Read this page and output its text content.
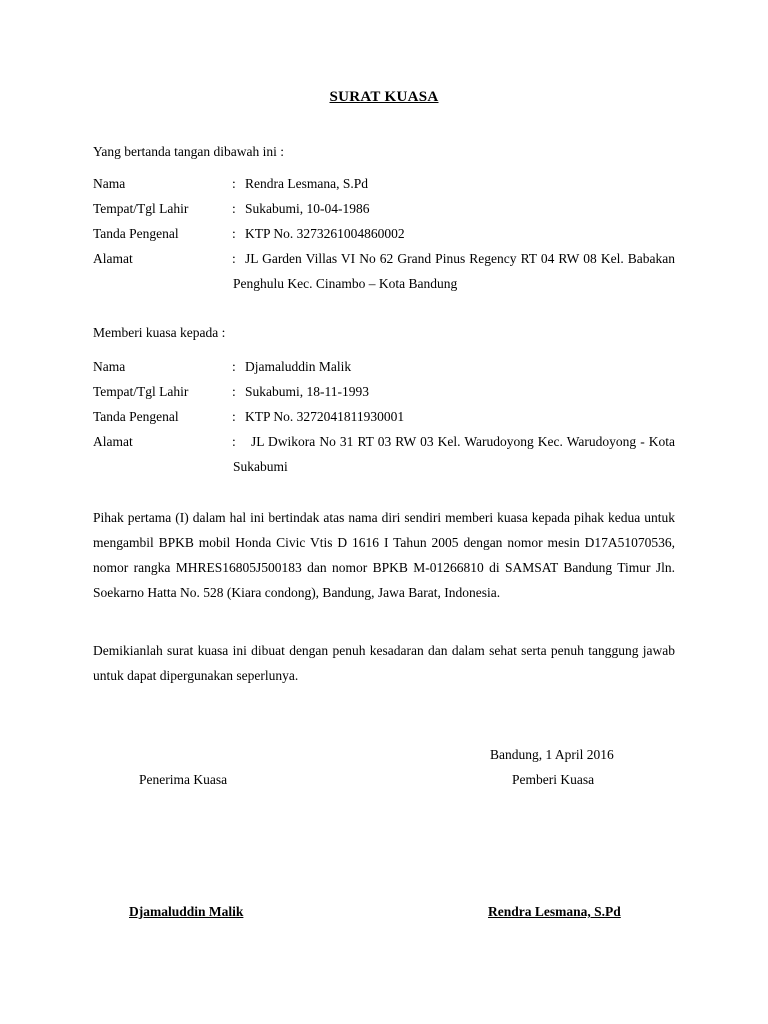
SURAT KUASA
Yang bertanda tangan dibawah ini :
Nama	: Rendra Lesmana, S.Pd
Tempat/Tgl Lahir	: Sukabumi, 10-04-1986
Tanda Pengenal	: KTP No. 3273261004860002
Alamat	: JL Garden Villas VI No 62 Grand Pinus Regency RT 04 RW 08 Kel. Babakan Penghulu Kec. Cinambo – Kota Bandung
Memberi kuasa kepada :
Nama	: Djamaluddin Malik
Tempat/Tgl Lahir	: Sukabumi, 18-11-1993
Tanda Pengenal	: KTP No. 3272041811930001
Alamat	:	JL Dwikora No 31 RT 03 RW 03 Kel. Warudoyong Kec. Warudoyong - Kota Sukabumi
Pihak pertama (I) dalam hal ini bertindak atas nama diri sendiri memberi kuasa kepada pihak kedua untuk mengambil BPKB mobil Honda Civic Vtis D 1616 I Tahun 2005 dengan nomor mesin D17A51070536, nomor rangka MHRES16805J500183 dan nomor BPKB M-01266810 di SAMSAT Bandung Timur Jln. Soekarno Hatta No. 528 (Kiara condong), Bandung, Jawa Barat, Indonesia.
Demikianlah surat kuasa ini dibuat dengan penuh kesadaran dan dalam sehat serta penuh tanggung jawab untuk dapat dipergunakan seperlunya.
Bandung, 1 April 2016
Penerima Kuasa	Pemberi Kuasa
Djamaluddin Malik	Rendra Lesmana, S.Pd
